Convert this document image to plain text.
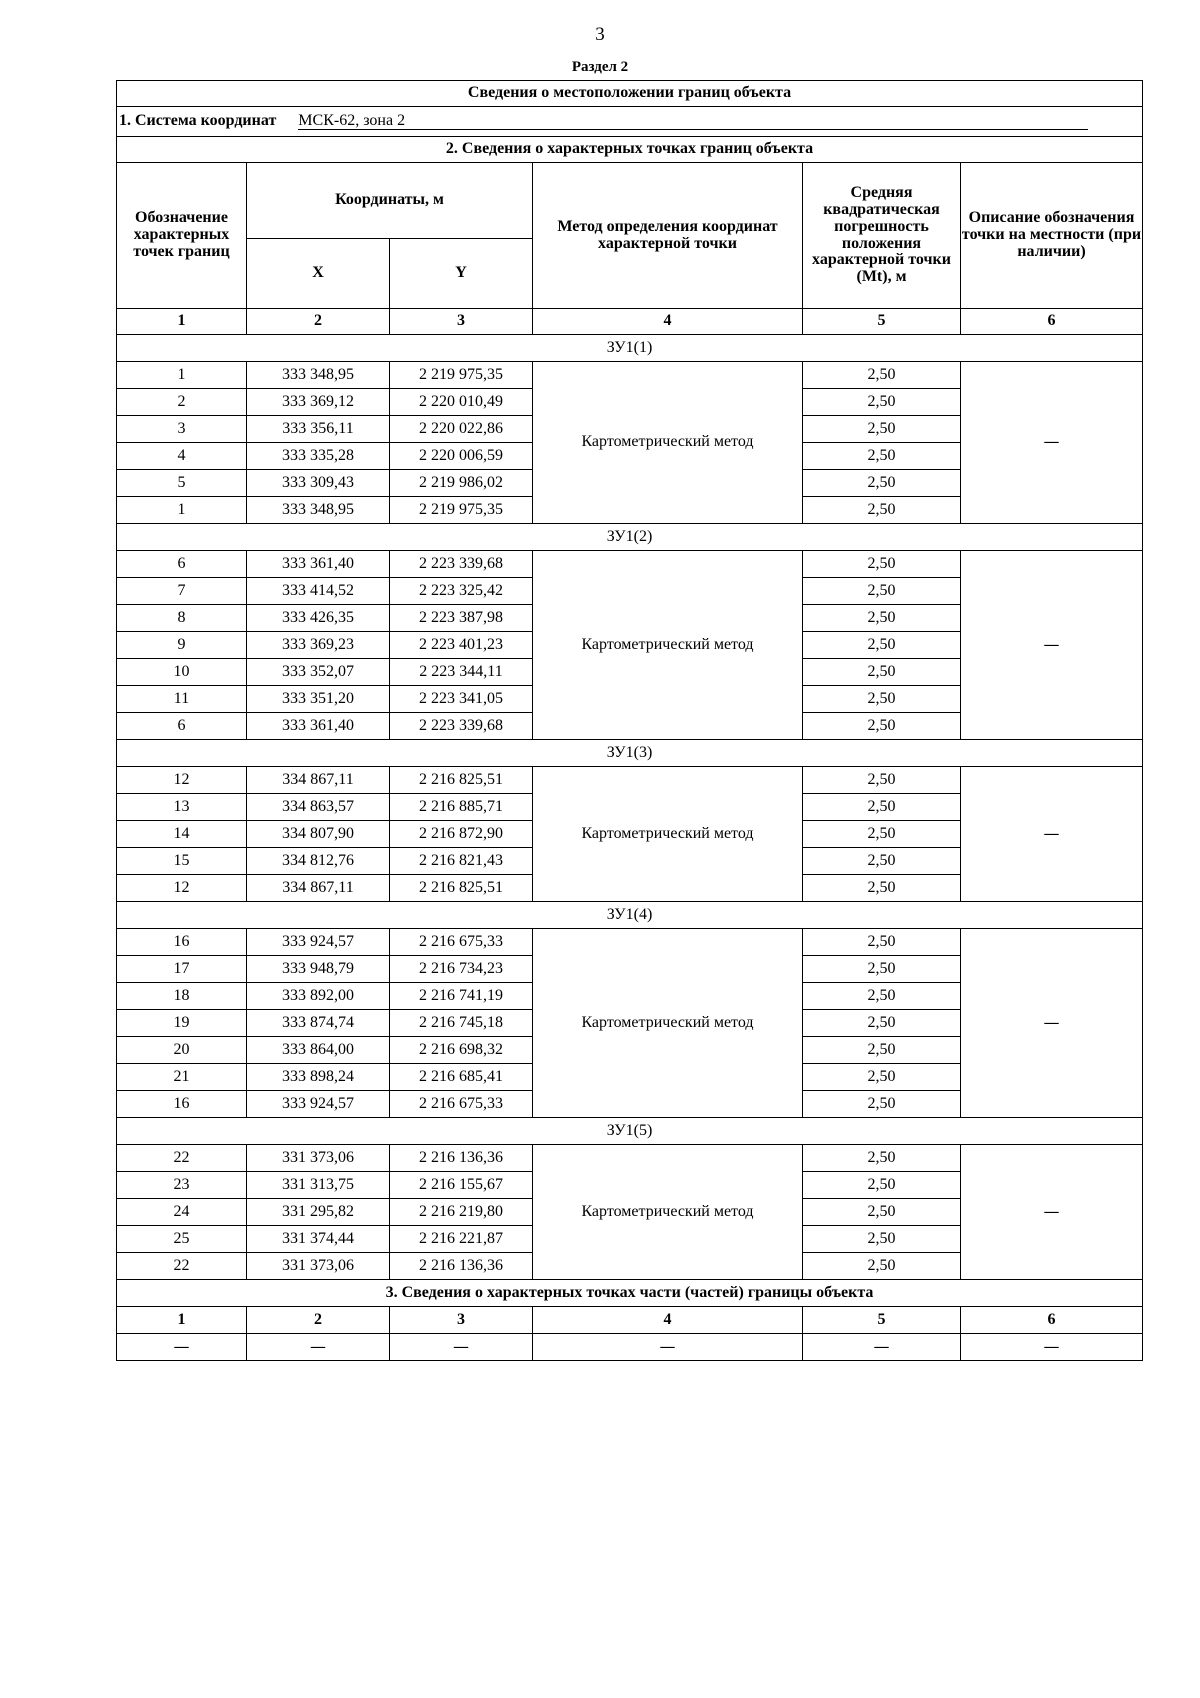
3
Раздел 2
Сведения о местоположении границ объекта					

1. Система координат МСК-62, зона 2					

2. Сведения о характерных точках границ объекта					
Обозначение характерных точек границ	Координаты, м		Метод определения координат характерной точки	Средняя квадратическая погрешность положения характерной точки (Mt), м	Описание обозначения точки на местности (при наличии)
	X	Y			
1	2	3	4	5	6
ЗУ1(1)					
1	333 348,95	2 219 975,35	Картометрический метод	2,50	—
2	333 369,12	2 220 010,49		2,50	
3	333 356,11	2 220 022,86		2,50	
4	333 335,28	2 220 006,59		2,50	
5	333 309,43	2 219 986,02		2,50	
1	333 348,95	2 219 975,35		2,50	
ЗУ1(2)					
6	333 361,40	2 223 339,68	Картометрический метод	2,50	—
7	333 414,52	2 223 325,42		2,50	
8	333 426,35	2 223 387,98		2,50	
9	333 369,23	2 223 401,23		2,50	
10	333 352,07	2 223 344,11		2,50	
11	333 351,20	2 223 341,05		2,50	
6	333 361,40	2 223 339,68		2,50	
ЗУ1(3)					
12	334 867,11	2 216 825,51	Картометрический метод	2,50	—
13	334 863,57	2 216 885,71		2,50	
14	334 807,90	2 216 872,90		2,50	
15	334 812,76	2 216 821,43		2,50	
12	334 867,11	2 216 825,51		2,50	
ЗУ1(4)					
16	333 924,57	2 216 675,33	Картометрический метод	2,50	—
17	333 948,79	2 216 734,23		2,50	
18	333 892,00	2 216 741,19		2,50	
19	333 874,74	2 216 745,18		2,50	
20	333 864,00	2 216 698,32		2,50	
21	333 898,24	2 216 685,41		2,50	
16	333 924,57	2 216 675,33		2,50	
ЗУ1(5)					
22	331 373,06	2 216 136,36	Картометрический метод	2,50	—
23	331 313,75	2 216 155,67		2,50	
24	331 295,82	2 216 219,80		2,50	
25	331 374,44	2 216 221,87		2,50	
22	331 373,06	2 216 136,36		2,50	
3. Сведения о характерных точках части (частей) границы объекта					
1	2	3	4	5	6
—	—	—	—	—	—
